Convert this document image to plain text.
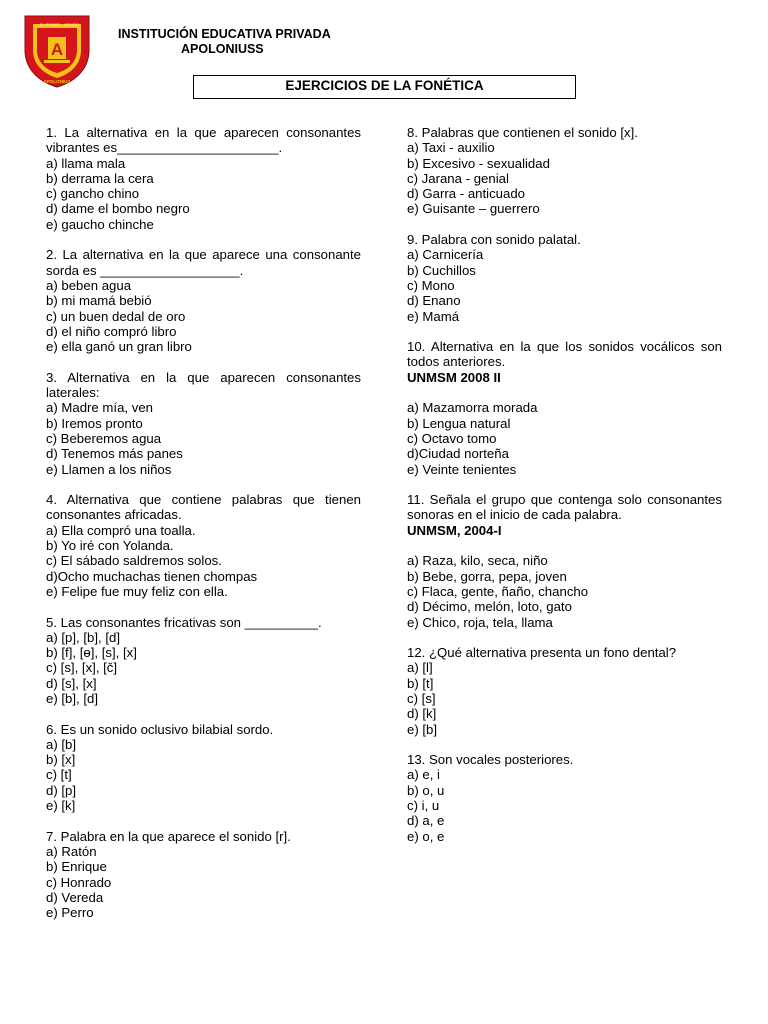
A
EL PODER CONOC
APOLONIUS
INSTITUCIÓN EDUCATIVA PRIVADA
APOLONIUSS
EJERCICIOS DE LA FONÉTICA

1. La alternativa en la que aparecen consonantes vibrantes es______________________.

a) llama mala

b) derrama la cera

c) gancho chino

d) dame el bombo negro

e) gaucho chinche

2. La alternativa en la que aparece una consonante sorda es ___________________.

a) beben agua

b) mi mamá bebió

c) un buen dedal de oro

d) el niño compró libro

e) ella ganó un gran libro

3. Alternativa en la que aparecen consonantes laterales:

a) Madre mía, ven

b) Iremos pronto

c) Beberemos agua

d) Tenemos más panes

e) Llamen a los niños

4. Alternativa que contiene palabras que tienen consonantes africadas.

a) Ella compró una toalla.

b) Yo iré con Yolanda.

c) El sábado saldremos solos.

d)Ocho muchachas tienen chompas

e) Felipe fue muy feliz con ella.

5. Las consonantes fricativas son __________.

a) [p], [b], [d]

b) [f], [ɵ], [s], [x]

c) [s], [x], [č]

d) [s], [x]

e) [b], [d]

6. Es un sonido oclusivo bilabial sordo.

a) [b]

b) [x]

c) [t]

d) [p]

e) [k]

7. Palabra en la que aparece el sonido [r].

a) Ratón

b) Enrique

c) Honrado

d) Vereda

e) Perro

8. Palabras que contienen el sonido [x].

a) Taxi - auxilio

b) Excesivo - sexualidad

c) Jarana - genial

d) Garra - anticuado

e) Guisante – guerrero

9. Palabra con sonido palatal.

a) Carnicería

b) Cuchillos

c) Mono

d) Enano

e) Mamá

10. Alternativa en la que los sonidos vocálicos son todos anteriores.

UNMSM 2008 II

a) Mazamorra morada

b) Lengua natural

c) Octavo tomo

d)Ciudad norteña

e) Veinte tenientes

11. Señala el grupo que contenga solo consonantes sonoras en el inicio de cada palabra.

UNMSM, 2004-I

a) Raza, kilo, seca, niño

b) Bebe, gorra, pepa, joven

c) Flaca, gente, ñaño, chancho

d) Décimo, melón, loto, gato

e) Chico, roja, tela, llama

12. ¿Qué alternativa presenta un fono dental?

a) [l]

b) [t]

c) [s]

d) [k]

e) [b]

13. Son vocales posteriores.

a) e, i

b) o, u

c) i, u

d) a, e

e) o, e
